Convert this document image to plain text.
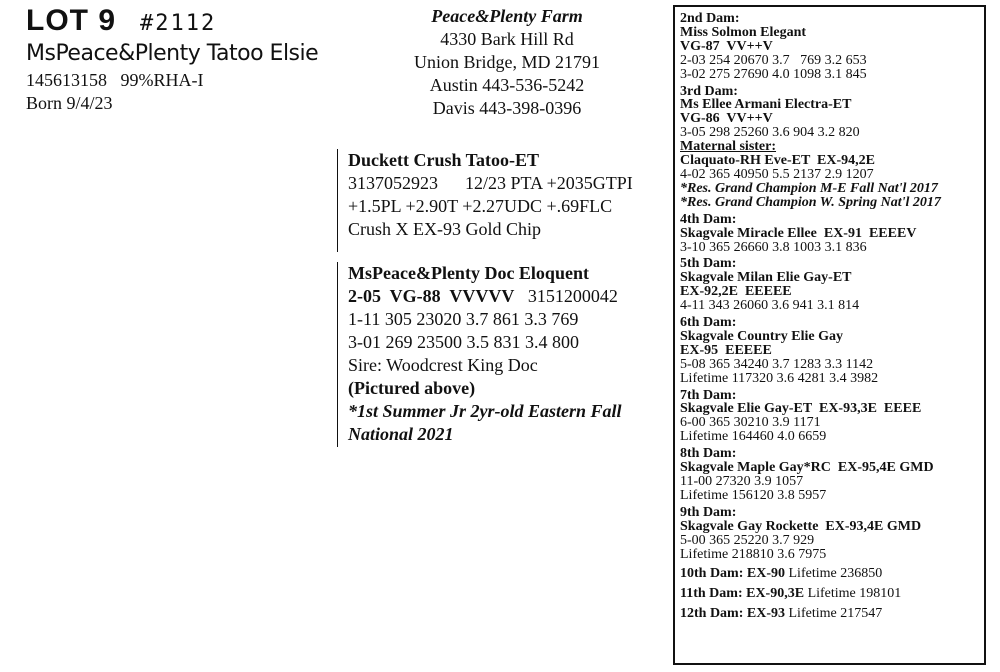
LOT 9 #2112
MsPeace&Plenty Tatoo Elsie
145613158   99%RHA-I
Born 9/4/23
Peace&Plenty Farm
4330 Bark Hill Rd
Union Bridge, MD 21791
Austin 443-536-5242
Davis 443-398-0396
Duckett Crush Tatoo-ET
3137052923      12/23 PTA +2035GTPI
+1.5PL +2.90T +2.27UDC +.69FLC
Crush X EX-93 Gold Chip
MsPeace&Plenty Doc Eloquent
2-05  VG-88  VVVVV 3151200042
1-11 305 23020 3.7 861 3.3 769
3-01 269 23500 3.5 831 3.4 800
Sire: Woodcrest King Doc
(Pictured above)
*1st Summer Jr 2yr-old Eastern Fall
National 2021
2nd Dam:
Miss Solmon Elegant
VG-87  VV++V
2-03 254 20670 3.7   769 3.2 653
3-02 275 27690 4.0 1098 3.1 845
3rd Dam:
Ms Ellee Armani Electra-ET
VG-86  VV++V
3-05 298 25260 3.6 904 3.2 820
Maternal sister:
Claquato-RH Eve-ET  EX-94,2E
4-02 365 40950 5.5 2137 2.9 1207
*Res. Grand Champion M-E Fall Nat'l 2017
*Res. Grand Champion W. Spring Nat'l 2017
4th Dam:
Skagvale Miracle Ellee  EX-91  EEEEV
3-10 365 26660 3.8 1003 3.1 836
5th Dam:
Skagvale Milan Elie Gay-ET
EX-92,2E  EEEEE
4-11 343 26060 3.6 941 3.1 814
6th Dam:
Skagvale Country Elie Gay
EX-95  EEEEE
5-08 365 34240 3.7 1283 3.3 1142
Lifetime 117320 3.6 4281 3.4 3982
7th Dam:
Skagvale Elie Gay-ET  EX-93,3E  EEEE
6-00 365 30210 3.9 1171
Lifetime 164460 4.0 6659
8th Dam:
Skagvale Maple Gay*RC  EX-95,4E GMD
11-00 27320 3.9 1057
Lifetime 156120 3.8 5957
9th Dam:
Skagvale Gay Rockette  EX-93,4E GMD
5-00 365 25220 3.7 929
Lifetime 218810 3.6 7975
10th Dam: EX-90 Lifetime 236850
11th Dam: EX-90,3E Lifetime 198101
12th Dam: EX-93 Lifetime 217547
